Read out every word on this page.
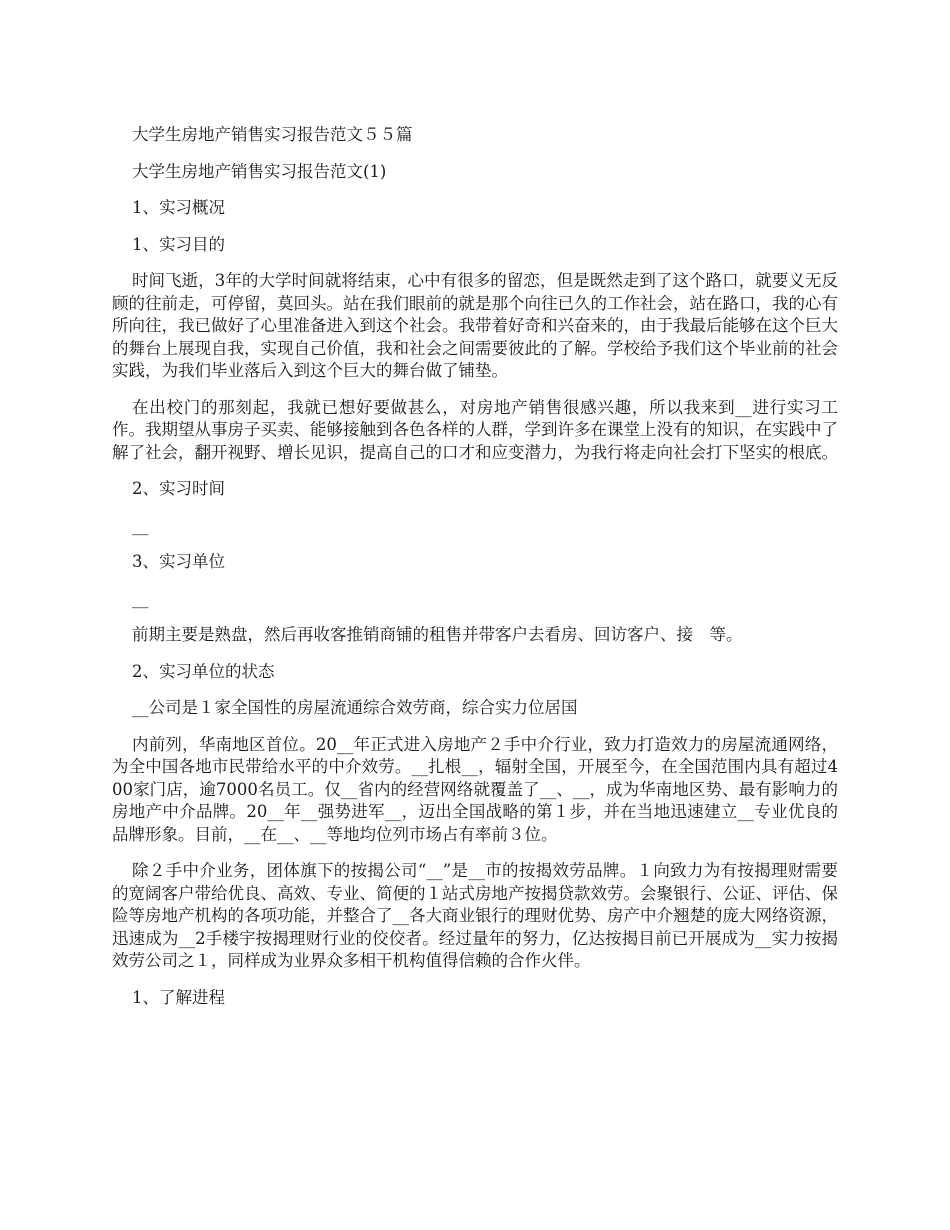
大学生房地产销售实习报告范文５５篇

大学生房地产销售实习报告范文(1)

1、实习概况

1、实习目的

时间飞逝，3年的大学时间就将结束，心中有很多的留恋，但是既然走到了这个路口，就要义无反顾的往前走，可停留，莫回头。站在我们眼前的就是那个向往已久的工作社会，站在路口，我的心有所向往，我已做好了心里准备进入到这个社会。我带着好奇和兴奋来的，由于我最后能够在这个巨大的舞台上展现自我，实现自己价值，我和社会之间需要彼此的了解。学校给予我们这个毕业前的社会实践，为我们毕业落后入到这个巨大的舞台做了铺垫。

在出校门的那刻起，我就已想好要做甚么，对房地产销售很感兴趣，所以我来到__进行实习工作。我期望从事房子买卖、能够接触到各色各样的人群，学到许多在课堂上没有的知识，在实践中了解了社会，翻开视野、增长见识，提高自己的口才和应变潜力，为我行将走向社会打下坚实的根底。

2、实习时间

__

3、实习单位

__

前期主要是熟盘，然后再收客推销商铺的租售并带客户去看房、回访客户、接　等。

2、实习单位的状态

__公司是１家全国性的房屋流通综合效劳商，综合实力位居国

内前列，华南地区首位。20__年正式进入房地产２手中介行业，致力打造效力的房屋流通网络，为全中国各地市民带给水平的中介效劳。__扎根__，辐射全国，开展至今，在全国范围内具有超过400家门店，逾7000名员工。仅__省内的经营网络就覆盖了__、__，成为华南地区势、最有影响力的房地产中介品牌。20__年__强势进军__，迈出全国战略的第１步，并在当地迅速建立__专业优良的品牌形象。目前，__在__、__等地均位列市场占有率前３位。

除２手中介业务，团体旗下的按揭公司“__”是__市的按揭效劳品牌。１向致力为有按揭理财需要的宽阔客户带给优良、高效、专业、简便的１站式房地产按揭贷款效劳。会聚银行、公证、评估、保险等房地产机构的各项功能，并整合了__各大商业银行的理财优势、房产中介翘楚的庞大网络资源，迅速成为__2手楼宇按揭理财行业的佼佼者。经过量年的努力，亿达按揭目前已开展成为__实力按揭效劳公司之１，同样成为业界众多相干机构值得信赖的合作火伴。

1、了解进程
